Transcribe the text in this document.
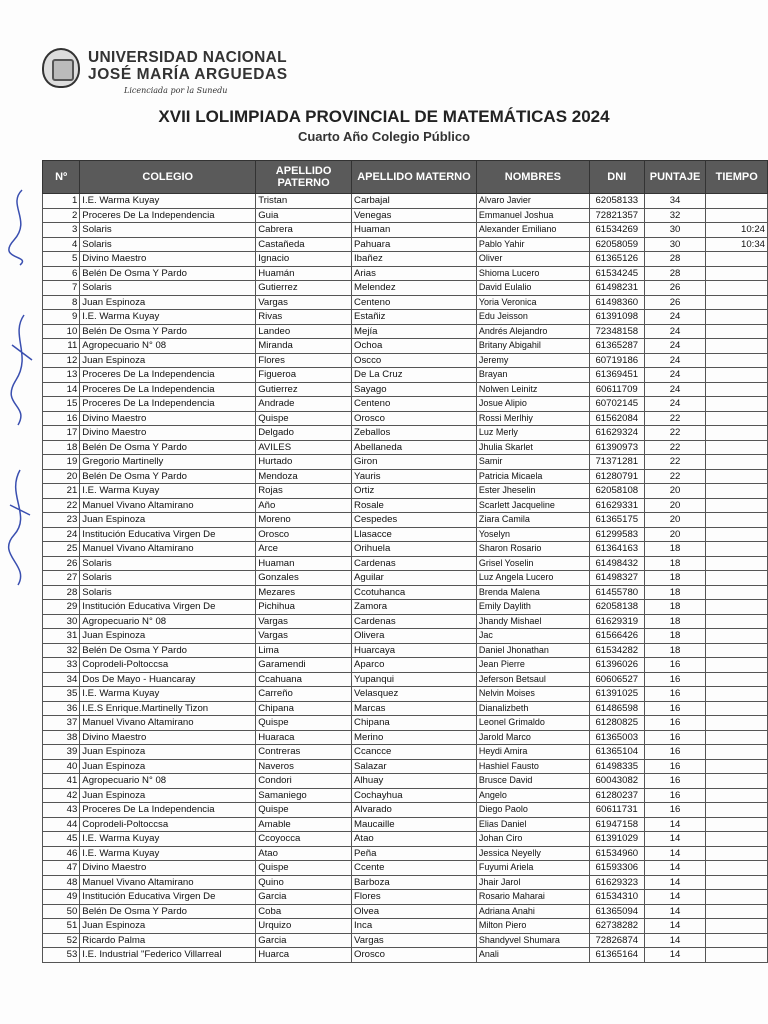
UNIVERSIDAD NACIONAL
JOSÉ MARÍA ARGUEDAS
Licenciada por la Sunedu
XVII LOLIMPIADA PROVINCIAL DE MATEMÁTICAS 2024
Cuarto Año Colegio Público
Nº	COLEGIO	APELLIDO PATERNO	APELLIDO MATERNO	NOMBRES	DNI	PUNTAJE	TIEMPO
1	I.E. Warma Kuyay	Tristan	Carbajal	Alvaro Javier	62058133	34	
2	Proceres De La Independencia	Guia	Venegas	Emmanuel Joshua	72821357	32	
3	Solaris	Cabrera	Huaman	Alexander Emiliano	61534269	30	10:24
4	Solaris	Castañeda	Pahuara	Pablo Yahir	62058059	30	10:34
5	Divino Maestro	Ignacio	Ibañez	Oliver	61365126	28	
6	Belén De Osma Y Pardo	Huamán	Arias	Shioma Lucero	61534245	28	
7	Solaris	Gutierrez	Melendez	David Eulalio	61498231	26	
8	Juan Espinoza	Vargas	Centeno	Yoria Veronica	61498360	26	
9	I.E. Warma Kuyay	Rivas	Estañiz	Edu Jeisson	61391098	24	
10	Belén De Osma Y Pardo	Landeo	Mejía	Andrés Alejandro	72348158	24	
11	Agropecuario N° 08	Miranda	Ochoa	Britany Abigahil	61365287	24	
12	Juan Espinoza	Flores	Oscco	Jeremy	60719186	24	
13	Proceres De La Independencia	Figueroa	De La Cruz	Brayan	61369451	24	
14	Proceres De La Independencia	Gutierrez	Sayago	Nolwen Leinitz	60611709	24	
15	Proceres De La Independencia	Andrade	Centeno	Josue Alipio	60702145	24	
16	Divino Maestro	Quispe	Orosco	Rossi Merlhiy	61562084	22	
17	Divino Maestro	Delgado	Zeballos	Luz Merly	61629324	22	
18	Belén De Osma Y Pardo	AVILES	Abellaneda	Jhulia Skarlet	61390973	22	
19	Gregorio Martinelly	Hurtado	Giron	Samir	71371281	22	
20	Belén De Osma Y Pardo	Mendoza	Yauris	Patricia Micaela	61280791	22	
21	I.E. Warma Kuyay	Rojas	Ortiz	Ester Jheselin	62058108	20	
22	Manuel Vivano Altamirano	Año	Rosale	Scarlett Jacqueline	61629331	20	
23	Juan Espinoza	Moreno	Cespedes	Ziara Camila	61365175	20	
24	Institución Educativa Virgen De	Orosco	Llasacce	Yoselyn	61299583	20	
25	Manuel Vivano Altamirano	Arce	Orihuela	Sharon Rosario	61364163	18	
26	Solaris	Huaman	Cardenas	Grisel Yoselin	61498432	18	
27	Solaris	Gonzales	Aguilar	Luz Angela Lucero	61498327	18	
28	Solaris	Mezares	Ccotuhanca	Brenda Malena	61455780	18	
29	Institución Educativa Virgen De	Pichihua	Zamora	Emily Daylith	62058138	18	
30	Agropecuario N° 08	Vargas	Cardenas	Jhandy Mishael	61629319	18	
31	Juan Espinoza	Vargas	Olivera	Jac	61566426	18	
32	Belén De Osma Y Pardo	Lima	Huarcaya	Daniel Jhonathan	61534282	18	
33	Coprodeli-Poltoccsa	Garamendi	Aparco	Jean Pierre	61396026	16	
34	Dos De Mayo - Huancaray	Ccahuana	Yupanqui	Jeferson Betsaul	60606527	16	
35	I.E. Warma Kuyay	Carreño	Velasquez	Nelvin Moises	61391025	16	
36	I.E.S Enrique.Martinelly Tizon	Chipana	Marcas	Dianalizbeth	61486598	16	
37	Manuel Vivano Altamirano	Quispe	Chipana	Leonel Grimaldo	61280825	16	
38	Divino Maestro	Huaraca	Merino	Jarold Marco	61365003	16	
39	Juan Espinoza	Contreras	Ccancce	Heydi Amira	61365104	16	
40	Juan Espinoza	Naveros	Salazar	Hashiel Fausto	61498335	16	
41	Agropecuario N° 08	Condori	Alhuay	Brusce David	60043082	16	
42	Juan Espinoza	Samaniego	Cochayhua	Angelo	61280237	16	
43	Proceres De La Independencia	Quispe	Alvarado	Diego Paolo	60611731	16	
44	Coprodeli-Poltoccsa	Amable	Maucaille	Elias Daniel	61947158	14	
45	I.E. Warma Kuyay	Ccoyocca	Atao	Johan Ciro	61391029	14	
46	I.E. Warma Kuyay	Atao	Peña	Jessica Neyelly	61534960	14	
47	Divino Maestro	Quispe	Ccente	Fuyumi Ariela	61593306	14	
48	Manuel Vivano Altamirano	Quino	Barboza	Jhair Jarol	61629323	14	
49	Institución Educativa Virgen De	Garcia	Flores	Rosario Maharai	61534310	14	
50	Belén De Osma Y Pardo	Coba	Olvea	Adriana Anahi	61365094	14	
51	Juan Espinoza	Urquizo	Inca	Milton Piero	62738282	14	
52	Ricardo Palma	Garcia	Vargas	Shandyvel Shumara	72826874	14	
53	I.E. Industrial "Federico Villarreal	Huarca	Orosco	Anali	61365164	14	
